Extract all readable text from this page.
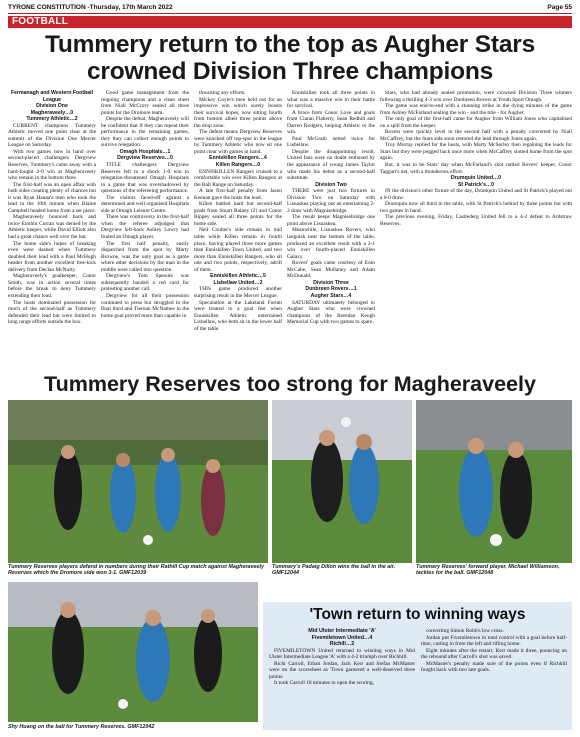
TYRONE CONSTITUTION -Thursday, 17th March 2022	Page 55
FOOTBALL
Tummery return to the top as Augher Stars crowned Division Three champions

Fermanagh and Western Football League

Division One

Magheraveely…0

Tummery Athletic…2

CURRENT champions Tummery Athletic moved one point clear at the summit of the Division One Mercer League on Saturday.

With two games now in hand over second-placed challengers Dergview Reserves, Tummery's came away with a hard-fought 2-0 win at Magheraveely who remain in the bottom three.

The first-half was an open affair with both sides creating plenty of chances but it was Ryan Hanna's men who took the lead in the 10th minute when Blaine Campbell headed home from a set piece.

Magheraveely bounced back and twice Eimhin Curran was denied by the Athletic keeper, while David Elliott also had a great chance well over the bar.

The home side's hopes of breaking even were dashed when Tummery doubled their lead with a Paul McHugh header from another excellent free-kick delivery from Declan McNulty.

Magheraveely's goalkeeper, Conor Smith, was in action several times before the break to deny Tummery extending their lead.

The hosts dominated possession for much of the second-half as Tummery defended their lead but were limited to long range efforts outside the box.

Good game management from the reigning champions and a clean sheet from Niall McCrory sealed all three points for the Dromore team.

Despite the defeat, Magheraveely will be confident that if they can repeat their performance in the remaining games, they they can collect enough points to survive relegation.

Omagh Hospitals…1

Dergview Reserves…0

TITLE challengers Dergview Reserves fell to a shock 1-0 win to relegation-threatened Omagh Hospitals in a game that was overshadowed by questions of the refereeing performance.

The visitors faced-off against a determined and well organised Hospitals side at Omagh Leisure Centre.

There was controversy in the first-half when the referee adjudged that Dergview left-back Ashley Lowry had fouled an Omagh player.

The first half penalty, easily dispatched from the spot by Marty Browne, was the only goal as a game where other decisions by the man in the middle were called into question.

Dergview's Tom Speoule was subsequently handed a red card for protesting another call.

Dergview for all their possession continued to press but struggled in the final third and Tiernan McNamee in the home goal proved more than capable in

thwarting any efforts.

Mickey Coyle's men held out for an impressive win which surely boosts their survival hopes, now sitting fourth from bottom albeit three points above the drop zone.

The defeat means Dergview Reserves were knocked off top-spot in the league by Tummery Athletic who now sit one point clear with games in hand.

Enniskillen Rangers…4

Killen Rangers…0

ENNISKILLEN Rangers cruised to a comfortable win over Killen Rangers at the Ball Range on Saturday.

A late first-half penalty from Jason Keenan gave the hosts the lead.

Killen battled hard but second-half goals from Stuart Rainey (2) and Conor Rippey sealed all three points for the home side.

Neil Coulter's side remain in mid table while Killen remain in fourth place, having played three more games than Enniskillen Town United, and two more than Enniskillen Rangers, who sit one and two points, respectively, adrift of them.

Enniskillen Athletic…5

Lisbellaw United…2

THIS game produced another surprising result in the Mercer League.

Speculation at the Lakeland Forum were treated to a goal fest when Enniskillen Athletic entertained Lisbellaw, who both sit in the lower half of the table.

Enniskillen took all three points in what was a massive win in their battle for survival.

A brace from Conor Love and goals from Ciaran Flaherty, Sean Redhill and Darren Rodgers, helping Athletic to the win.

Paul McGrath netted twice for Lisbellaw.

Despite the disappointing result, United fans were no doubt enthused by the appearance of young James Taylor who made his debut as a second-half substitute.

Division Two

THERE were just two fixtures in Division Two on Saturday with Lisnaskea playing out an entertaining 2-2 draw with Magnisebridge.

The result keeps Magnisebridge one point above Lisnaskea.

Meanwhile, Lisnaskea Rovers, who languish near the bottom of the table, produced an excellent result with a 3-1 win over fourth-placed Enniskillen Galaxy.

Rovers' goals came courtesy of Eoin McCabe, Sean Mullaney and Adam McDonald.

Division Three

Dunbreen Rovers…1

Augher Stars…4

SATURDAY ultimately belonged to Augher Stars who were crowned champions of the Brendan Keogh Memorial Cup with two games to spare.

Stars, who had already sealed promotion, were crowned Division Three winners following a thrilling 4-3 win over Dunbreen Rovers at Youth Sport Omagh.

The game was end-to-end with a stunning strike in the dying minutes of the game from Ashley McFarland sealing the win - and the title - for Augher.

The only goal of the first-half came for Augher from William Jones who capitalised on a spill from the keeper.

Rovers were quickly level in the second half with a penalty converted by Niall McCaffrey, but the Stars side soon restored the lead through Jones again.

Troy Murray replied for the hosts, with Marty McSorley then regaining the leads for Stars but they were pegged back once more when McCaffrey slotted home from the spot again.

But, it was to be Stars' day when McFarland's shot rattled Rovers' keeper, Conor Taggart's net, with a thunderous effort.

Drumquin United…0

St Patrick's…0

IN the division's other fixture of the day, Drumquin United and St Patrick's played out a 0-0 draw.

Drumquin now sit third in the table, with St Patrick's behind by three points but with two games in hand.

The previous evening, Friday, Castlederg United fell to a 4-2 defeat to Ardstraw Reserves.

Tummery Reserves too strong for Magheraveely
Tummery Reserves players defend in numbers during their Rathill Cup match against Magheraveely Reserves which the Dromore side won 3-1. GMF12039
Tummery's Padaig Dillon wins the ball in the air. GMF12044
Tummery Reserves' forward player, Michael Williamson, tackles for the ball. GMF12048
Shy Huang on the ball for Tummery Reserves. GMF12042
'Town return to winning ways

Mid Ulster Intermediate 'A'

Fivemiletown United…4

Richill…2

FIVEMILETOWN United returned to winning ways in Mid Ulster Intermediate League 'A' with a 4-2 triumph over Richhill.

Richi Carroll, Ethan Jordan, Jack Kerr and Stefan McMaster were on the scoresheet as 'Town garnered a well-deserved three points.

It took Carroll 18 minutes to open the scoring,

converting Simon Robb's low cross.

Jordan put Fivemiletown in total control with a goal before half-time, cutting in from the left and rifling home.

Eight minutes after the restart, Kerr made it three, pouncing on the rebound after Carroll's shot was saved.

McMaster's penalty made sure of the points even if Richhill fought back with two late goals.
